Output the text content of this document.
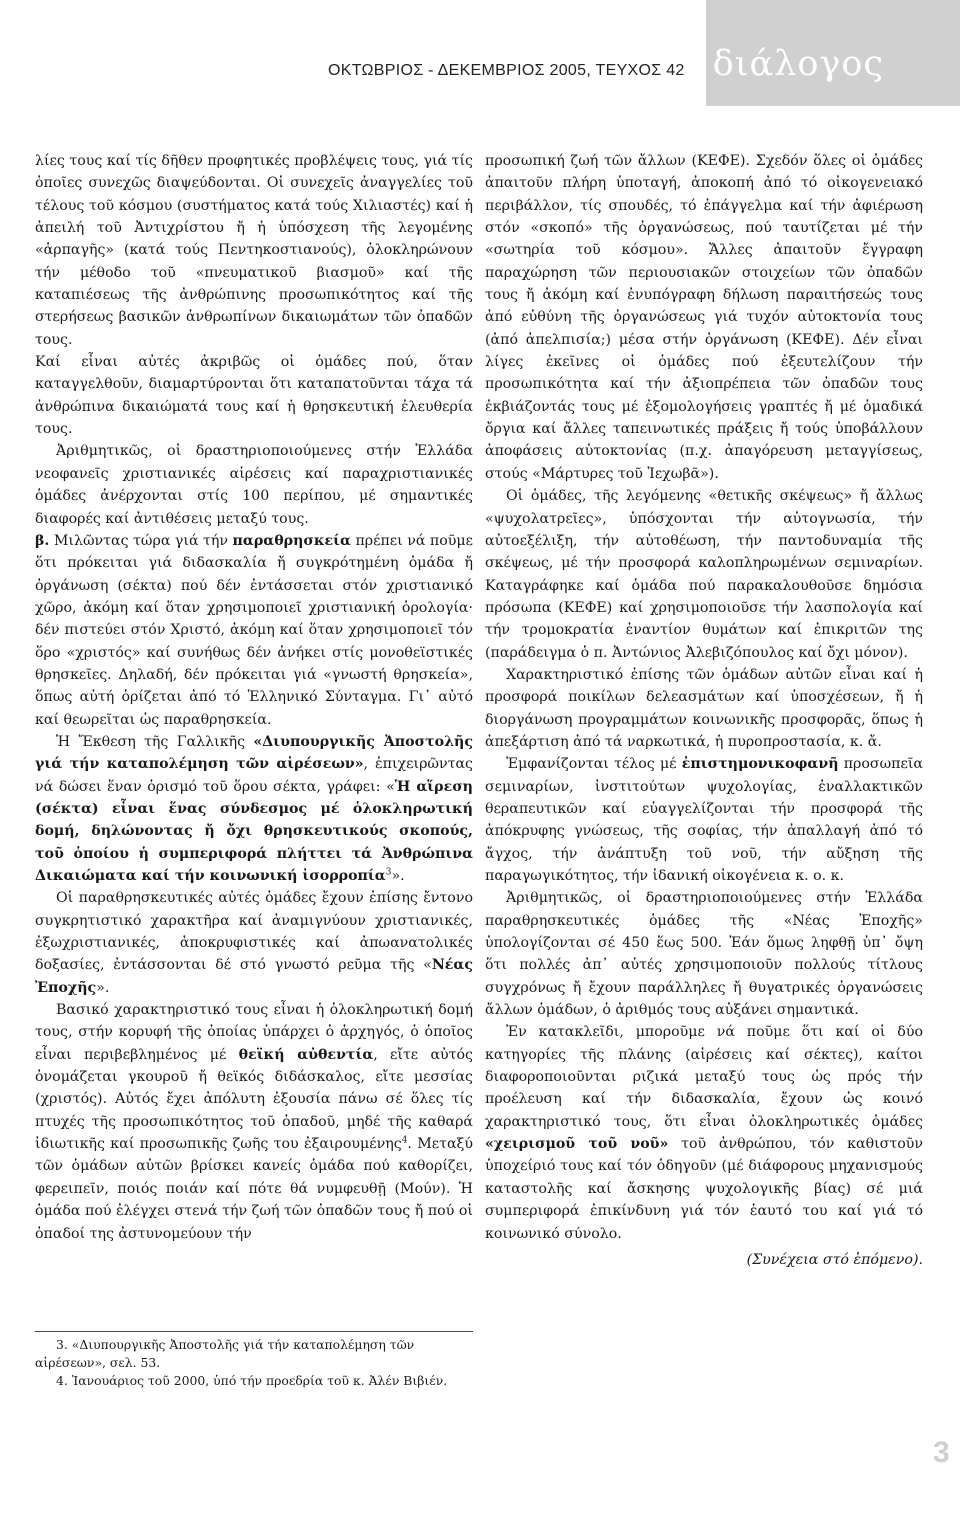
ΟΚΤΩΒΡΙΟΣ - ΔΕΚΕΜΒΡΙΟΣ 2005, ΤΕΥΧΟΣ 42 διάλογος

λίες τους καί τίς δῆθεν προφητικές προβλέψεις τους, γιά τίς ὁποῖες συνεχῶς διαψεύδονται. Οἱ συνεχεῖς ἀναγγελίες τοῦ τέλους τοῦ κόσμου (συστήματος κατά τούς Χιλιαστές) καί ἡ ἀπειλή τοῦ Ἀντιχρίστου ἤ ἡ ὑπόσχεση τῆς λεγομένης «ἁρπαγῆς» (κατά τούς Πεντηκοστιανούς), ὁλοκληρώνουν τήν μέθοδο τοῦ «πνευματικοῦ βιασμοῦ» καί τῆς καταπιέσεως τῆς ἀνθρώπινης προσωπικότητος καί τῆς στερήσεως βασικῶν ἀνθρωπίνων δικαιωμάτων τῶν ὀπαδῶν τους.

Καί εἶναι αὐτές ἀκριβῶς οἱ ὁμάδες πού, ὅταν καταγγελθοῦν, διαμαρτύρονται ὅτι καταπατοῦνται τάχα τά ἀνθρώπινα δικαιώματά τους καί ἡ θρησκευτική ἐλευθερία τους.

Ἀριθμητικῶς, οἱ δραστηριοποιούμενες στήν Ἑλλάδα νεοφανεῖς χριστιανικές αἱρέσεις καί παραχριστιανικές ὁμάδες ἀνέρχονται στίς 100 περίπου, μέ σημαντικές διαφορές καί ἀντιθέσεις μεταξύ τους.

β. Μιλῶντας τώρα γιά τήν παραθρησκεία πρέπει νά ποῦμε ὅτι πρόκειται γιά διδασκαλία ἤ συγκρότημένη ὁμάδα ἤ ὀργάνωση (σέκτα) πού δέν ἐντάσσεται στόν χριστιανικό χῶρο, ἀκόμη καί ὅταν χρησιμοποιεῖ χριστιανική ὁρολογία· δέν πιστεύει στόν Χριστό, ἀκόμη καί ὅταν χρησιμοποιεῖ τόν ὅρο «χριστός» καί συνήθως δέν ἀνήκει στίς μονοθεϊστικές θρησκεῖες. Δηλαδή, δέν πρόκειται γιά «γνωστή θρησκεία», ὅπως αὐτή ὁρίζεται ἀπό τό Ἑλληνικό Σύνταγμα. Γι᾽ αὐτό καί θεωρεῖται ὡς παραθρησκεία.

Ἡ Ἔκθεση τῆς Γαλλικῆς «Διυπουργικῆς Ἀποστολῆς γιά τήν καταπολέμηση τῶν αἱρέσεων», ἐπιχειρῶντας νά δώσει ἕναν ὁρισμό τοῦ ὅρου σέκτα, γράφει: «Ἡ αἵρεση (σέκτα) εἶναι ἕνας σύνδεσμος μέ ὁλοκληρωτική δομή, δηλώνοντας ἤ ὄχι θρησκευτικούς σκοπούς, τοῦ ὁποίου ἡ συμπεριφορά πλήττει τά Ἀνθρώπινα Δικαιώματα καί τήν κοινωνική ἰσορροπία$^3$».

Οἱ παραθρησκευτικές αὐτές ὁμάδες ἔχουν ἐπίσης ἔντονο συγκρητιστικό χαρακτῆρα καί ἀναμιγνύουν χριστιανικές, ἐξωχριστιανικές, ἀποκρυφιστικές καί ἀπωανατολικές δοξασίες, ἐντάσσονται δέ στό γνωστό ρεῦμα τῆς «Νέας Ἐποχῆς».

Βασικό χαρακτηριστικό τους εἶναι ἡ ὁλοκληρωτική δομή τους, στήν κορυφή τῆς ὁποίας ὑπάρχει ὁ ἀρχηγός, ὁ ὁποῖος εἶναι περιβεβλημένος μέ θεϊκή αὐθεντία, εἴτε αὐτός ὀνομάζεται γκουροῦ ἤ θεϊκός διδάσκαλος, εἴτε μεσσίας (χριστός). Αὐτός ἔχει ἀπόλυτη ἐξουσία πάνω σέ ὅλες τίς πτυχές τῆς προσωπικότητος τοῦ ὀπαδοῦ, μηδέ τῆς καθαρά ἰδιωτικῆς καί προσωπικῆς ζωῆς του ἐξαιρουμένης$^4$. Μεταξύ τῶν ὁμάδων αὐτῶν βρίσκει κανείς ὁμάδα πού καθορίζει, φερειπεῖν, ποιός ποιάν καί πότε θά νυμφευθῇ (Μούν). Ἡ ὁμάδα πού ἐλέγχει στενά τήν ζωή τῶν ὀπαδῶν τους ἤ πού οἱ ὀπαδοί της ἀστυνομεύουν τήν

3. «Διυπουργικῆς Ἀποστολῆς γιά τήν καταπολέμηση τῶν αἱρέσεων», σελ. 53.

4. Ἰανουάριος τοῦ 2000, ὑπό τήν προεδρία τοῦ κ. Ἀλέν Βιβιέν.

προσωπική ζωή τῶν ἄλλων (ΚΕΦΕ). Σχεδόν ὅλες οἱ ὁμάδες ἀπαιτοῦν πλήρη ὑποταγή, ἀποκοπή ἀπό τό οἰκογενειακό περιβάλλον, τίς σπουδές, τό ἐπάγγελμα καί τήν ἀφιέρωση στόν «σκοπό» τῆς ὀργανώσεως, πού ταυτίζεται μέ τήν «σωτηρία τοῦ κόσμου». Ἄλλες ἀπαιτοῦν ἔγγραφη παραχώρηση τῶν περιουσιακῶν στοιχείων τῶν ὀπαδῶν τους ἤ ἀκόμη καί ἐνυπόγραφη δήλωση παραιτήσεώς τους ἀπό εὐθύνη τῆς ὀργανώσεως γιά τυχόν αὐτοκτονία τους (ἀπό ἀπελπισία;) μέσα στήν ὀργάνωση (ΚΕΦΕ). Δέν εἶναι λίγες ἐκεῖνες οἱ ὁμάδες πού ἐξευτελίζουν τήν προσωπικότητα καί τήν ἀξιοπρέπεια τῶν ὀπαδῶν τους ἐκβιάζοντάς τους μέ ἐξομολογήσεις γραπτές ἤ μέ ὁμαδικά ὄργια καί ἄλλες ταπεινωτικές πράξεις ἤ τούς ὑποβάλλουν ἀποφάσεις αὐτοκτονίας (π.χ. ἀπαγόρευση μεταγγίσεως, στούς «Μάρτυρες τοῦ Ἰεχωβᾶ»).

Οἱ ὁμάδες, τῆς λεγόμενης «θετικῆς σκέψεως» ἤ ἄλλως «ψυχολατρεῖες», ὑπόσχονται τήν αὐτογνωσία, τήν αὐτοεξέλιξη, τήν αὐτοθέωση, τήν παντοδυναμία τῆς σκέψεως, μέ τήν προσφορά καλοπληρωμένων σεμιναρίων. Καταγράφηκε καί ὁμάδα πού παρακαλουθοῦσε δημόσια πρόσωπα (ΚΕΦΕ) καί χρησιμοποιοῦσε τήν λασπολογία καί τήν τρομοκρατία ἐναντίον θυμάτων καί ἐπικριτῶν της (παράδειγμα ὁ π. Ἀντώνιος Ἀλεβιζόπουλος καί ὄχι μόνον).

Χαρακτηριστικό ἐπίσης τῶν ὁμάδων αὐτῶν εἶναι καί ἡ προσφορά ποικίλων δελεασμάτων καί ὑποσχέσεων, ἤ ἡ διοργάνωση προγραμμάτων κοινωνικῆς προσφορᾶς, ὅπως ἡ ἀπεξάρτιση ἀπό τά ναρκωτικά, ἡ πυροπροστασία, κ. ἄ.

Ἐμφανίζονται τέλος μέ ἐπιστημονικοφανῆ προσωπεῖα σεμιναρίων, ἰνστιτούτων ψυχολογίας, ἐναλλακτικῶν θεραπευτικῶν καί εὐαγγελίζονται τήν προσφορά τῆς ἀπόκρυφης γνώσεως, τῆς σοφίας, τήν ἀπαλλαγή ἀπό τό ἄγχος, τήν ἀνάπτυξη τοῦ νοῦ, τήν αὔξηση τῆς παραγωγικότητος, τήν ἰδανική οἰκογένεια κ. ο. κ.

Ἀριθμητικῶς, οἱ δραστηριοποιούμενες στήν Ἑλλάδα παραθρησκευτικές ὁμάδες τῆς «Νέας Ἐποχῆς» ὑπολογίζονται σέ 450 ἕως 500. Ἐάν ὅμως ληφθῇ ὑπ᾽ ὄψη ὅτι πολλές ἀπ᾽ αὐτές χρησιμοποιοῦν πολλούς τίτλους συγχρόνως ἤ ἔχουν παράλληλες ἤ θυγατρικές ὀργανώσεις ἄλλων ὁμάδων, ὁ ἀριθμός τους αὐξάνει σημαντικά.

Ἐν κατακλεῖδι, μποροῦμε νά ποῦμε ὅτι καί οἱ δύο κατηγορίες τῆς πλάνης (αἱρέσεις καί σέκτες), καίτοι διαφοροποιοῦνται ριζικά μεταξύ τους ὡς πρός τήν προέλευση καί τήν διδασκαλία, ἔχουν ὡς κοινό χαρακτηριστικό τους, ὅτι εἶναι ὁλοκληρωτικές ὁμάδες «χειρισμοῦ τοῦ νοῦ» τοῦ ἀνθρώπου, τόν καθιστοῦν ὑποχείριό τους καί τόν ὁδηγοῦν (μέ διάφορους μηχανισμούς καταστολῆς καί ἄσκησης ψυχολογικῆς βίας) σέ μιά συμπεριφορά ἐπικίνδυνη γιά τόν ἑαυτό του καί γιά τό κοινωνικό σύνολο.

(Συνέχεια στό ἑπόμενο).

3
